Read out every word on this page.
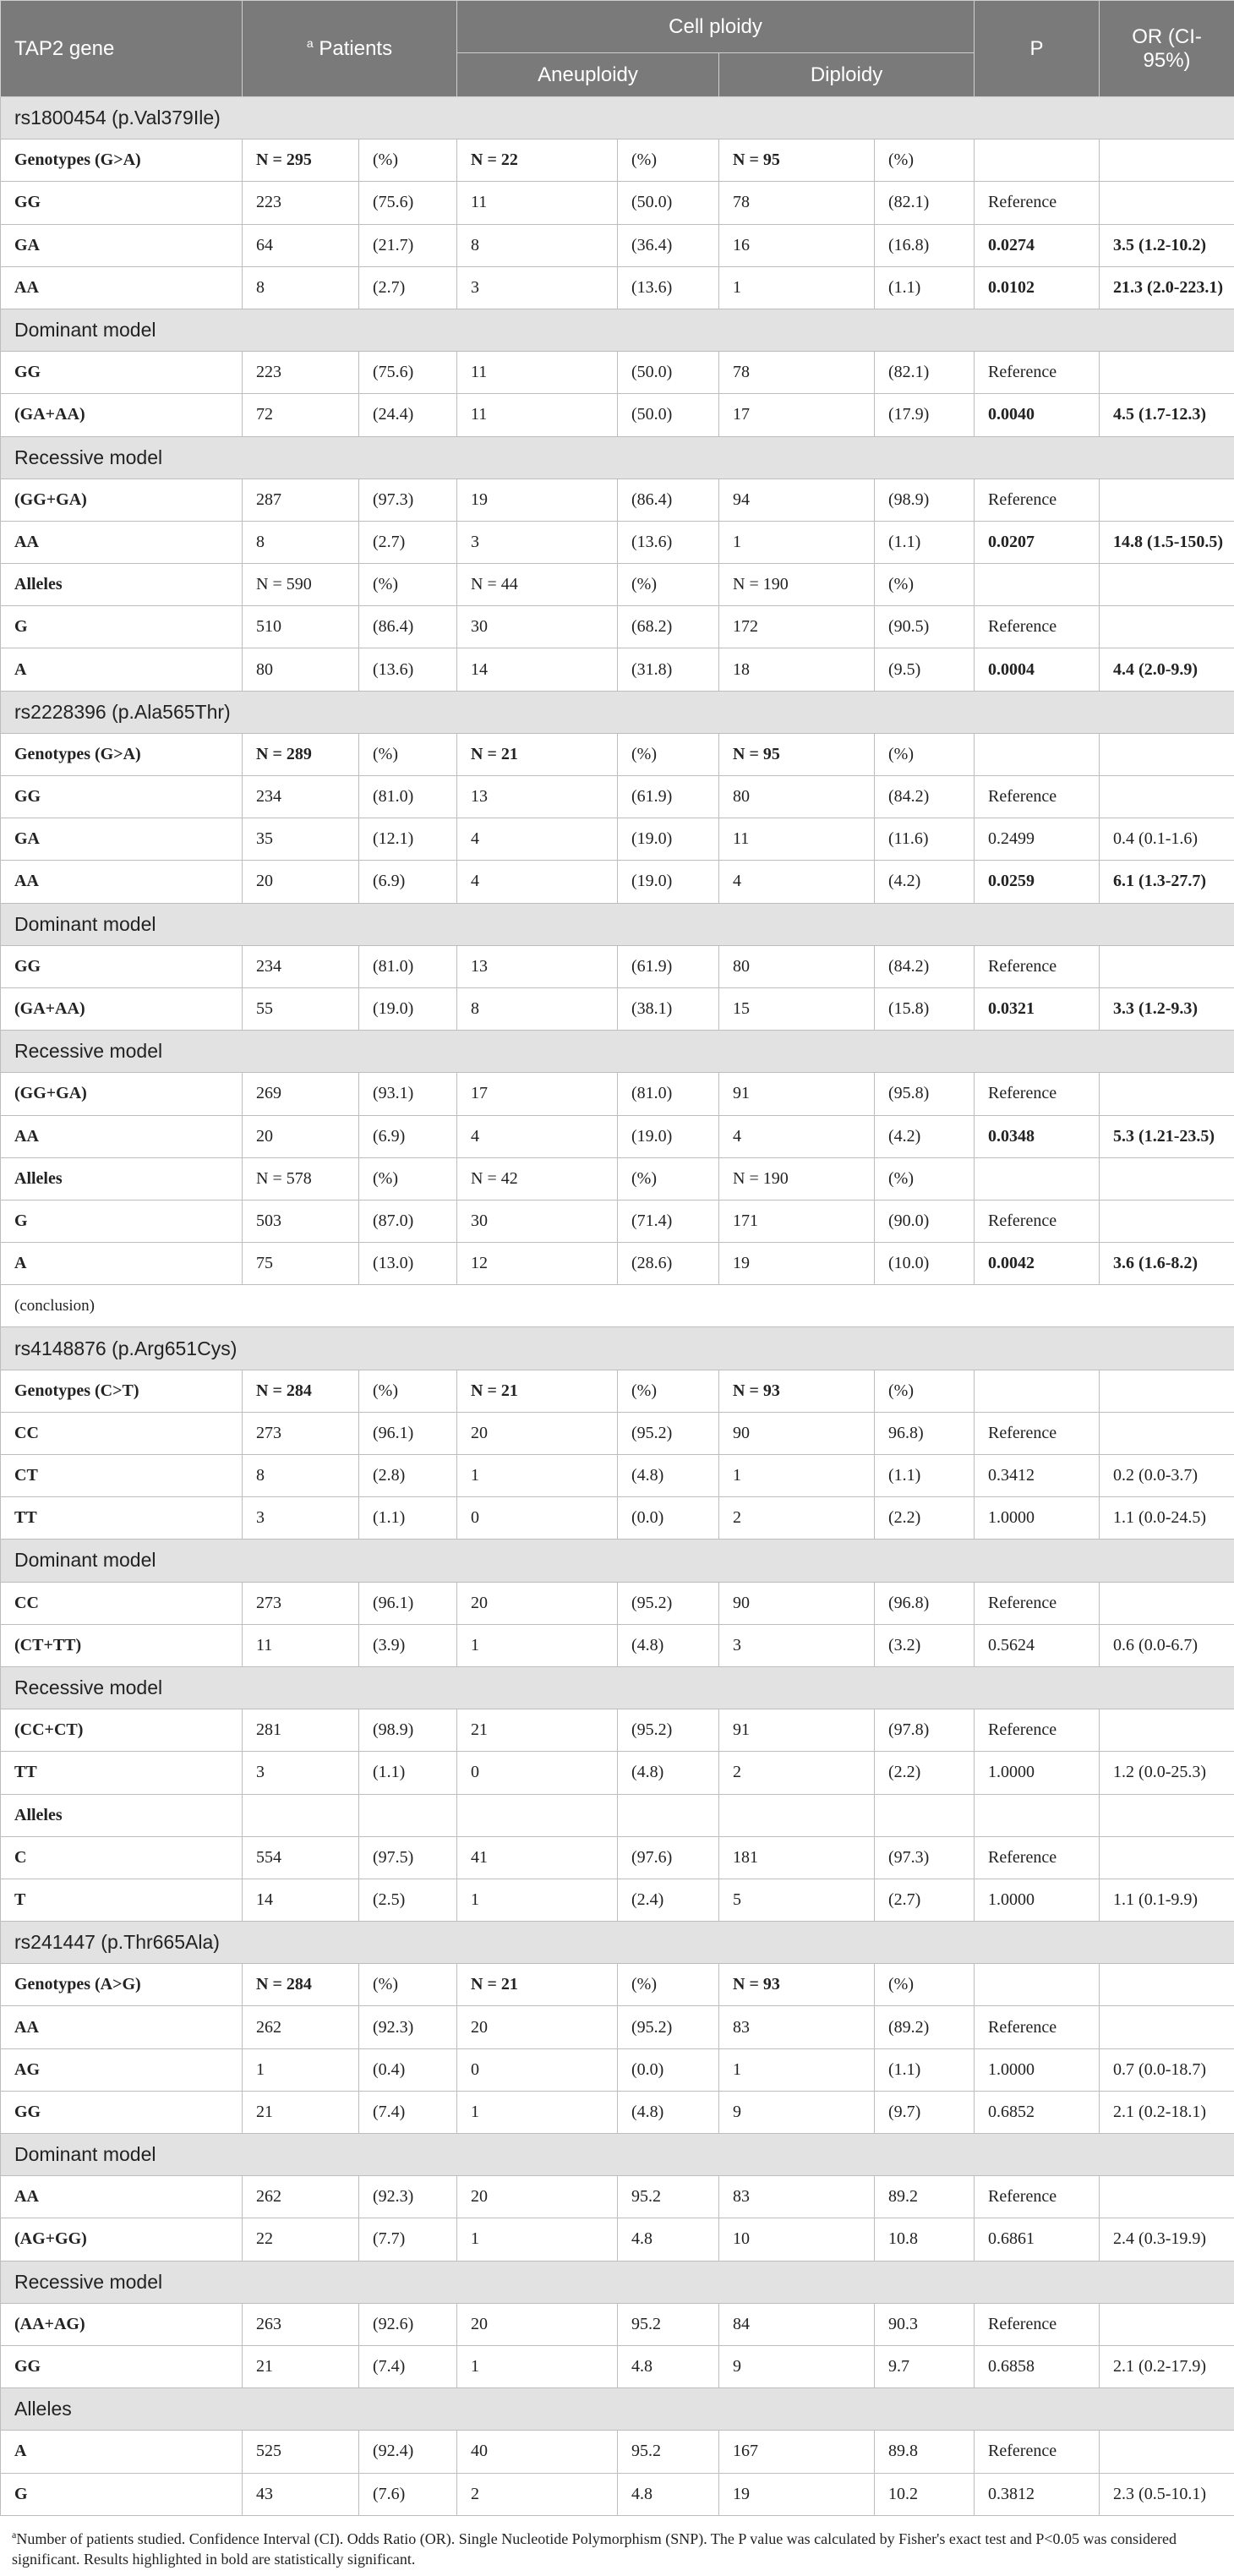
TAP2 gene	$^a$ Patients		Cell ploidy				P	OR (CI-95%)
			Aneuploidy		Diploidy			
rs1800454 (p.Val379Ile)								
Genotypes (G>A)	N = 295	(%)	N = 22	(%)	N = 95	(%)		
GG	223	(75.6)	11	(50.0)	78	(82.1)	Reference	
GA	64	(21.7)	8	(36.4)	16	(16.8)	0.0274	3.5 (1.2-10.2)
AA	8	(2.7)	3	(13.6)	1	(1.1)	0.0102	21.3 (2.0-223.1)
Dominant model								
GG	223	(75.6)	11	(50.0)	78	(82.1)	Reference	
(GA+AA)	72	(24.4)	11	(50.0)	17	(17.9)	0.0040	4.5 (1.7-12.3)
Recessive model								
(GG+GA)	287	(97.3)	19	(86.4)	94	(98.9)	Reference	
AA	8	(2.7)	3	(13.6)	1	(1.1)	0.0207	14.8 (1.5-150.5)
Alleles	N = 590	(%)	N = 44	(%)	N = 190	(%)		
G	510	(86.4)	30	(68.2)	172	(90.5)	Reference	
A	80	(13.6)	14	(31.8)	18	(9.5)	0.0004	4.4 (2.0-9.9)
rs2228396 (p.Ala565Thr)								
Genotypes (G>A)	N = 289	(%)	N = 21	(%)	N = 95	(%)		
GG	234	(81.0)	13	(61.9)	80	(84.2)	Reference	
GA	35	(12.1)	4	(19.0)	11	(11.6)	0.2499	0.4 (0.1-1.6)
AA	20	(6.9)	4	(19.0)	4	(4.2)	0.0259	6.1 (1.3-27.7)
Dominant model								
GG	234	(81.0)	13	(61.9)	80	(84.2)	Reference	
(GA+AA)	55	(19.0)	8	(38.1)	15	(15.8)	0.0321	3.3 (1.2-9.3)
Recessive model								
(GG+GA)	269	(93.1)	17	(81.0)	91	(95.8)	Reference	
AA	20	(6.9)	4	(19.0)	4	(4.2)	0.0348	5.3 (1.21-23.5)
Alleles	N = 578	(%)	N = 42	(%)	N = 190	(%)		
G	503	(87.0)	30	(71.4)	171	(90.0)	Reference	
A	75	(13.0)	12	(28.6)	19	(10.0)	0.0042	3.6 (1.6-8.2)
(conclusion)								
rs4148876 (p.Arg651Cys)								
Genotypes (C>T)	N = 284	(%)	N = 21	(%)	N = 93	(%)		
CC	273	(96.1)	20	(95.2)	90	96.8)	Reference	
CT	8	(2.8)	1	(4.8)	1	(1.1)	0.3412	0.2 (0.0-3.7)
TT	3	(1.1)	0	(0.0)	2	(2.2)	1.0000	1.1 (0.0-24.5)
Dominant model								
CC	273	(96.1)	20	(95.2)	90	(96.8)	Reference	
(CT+TT)	11	(3.9)	1	(4.8)	3	(3.2)	0.5624	0.6 (0.0-6.7)
Recessive model								
(CC+CT)	281	(98.9)	21	(95.2)	91	(97.8)	Reference	
TT	3	(1.1)	0	(4.8)	2	(2.2)	1.0000	1.2 (0.0-25.3)
Alleles								
C	554	(97.5)	41	(97.6)	181	(97.3)	Reference	
T	14	(2.5)	1	(2.4)	5	(2.7)	1.0000	1.1 (0.1-9.9)
rs241447 (p.Thr665Ala)								
Genotypes (A>G)	N = 284	(%)	N = 21	(%)	N = 93	(%)		
AA	262	(92.3)	20	(95.2)	83	(89.2)	Reference	
AG	1	(0.4)	0	(0.0)	1	(1.1)	1.0000	0.7 (0.0-18.7)
GG	21	(7.4)	1	(4.8)	9	(9.7)	0.6852	2.1 (0.2-18.1)
Dominant model								
AA	262	(92.3)	20	95.2	83	89.2	Reference	
(AG+GG)	22	(7.7)	1	4.8	10	10.8	0.6861	2.4 (0.3-19.9)
Recessive model								
(AA+AG)	263	(92.6)	20	95.2	84	90.3	Reference	
GG	21	(7.4)	1	4.8	9	9.7	0.6858	2.1 (0.2-17.9)
Alleles								
A	525	(92.4)	40	95.2	167	89.8	Reference	
G	43	(7.6)	2	4.8	19	10.2	0.3812	2.3 (0.5-10.1)
$^a$Number of patients studied. Confidence Interval (CI). Odds Ratio (OR). Single Nucleotide Polymorphism (SNP). The P value was calculated by Fisher's exact test and P<0.05 was considered significant. Results highlighted in bold are statistically significant.
